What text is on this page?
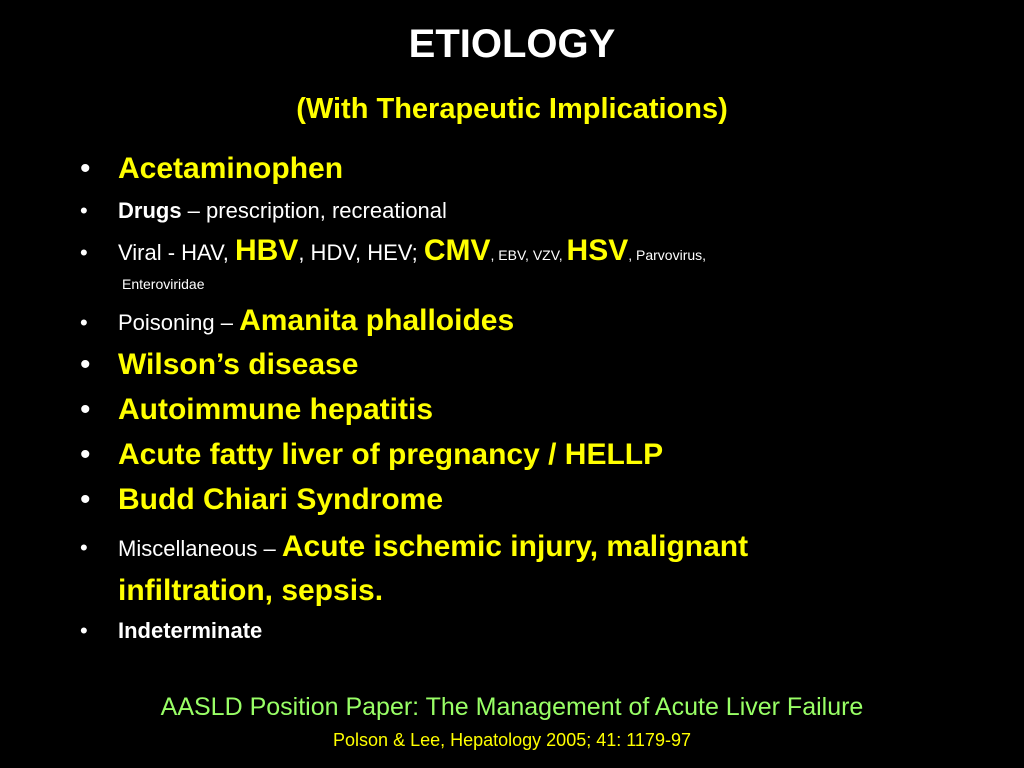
ETIOLOGY
(With Therapeutic Implications)
• Acetaminophen
• Drugs – prescription, recreational
• Viral - HAV, HBV, HDV, HEV; CMV, EBV, VZV, HSV, Parvovirus,
Enteroviridae
• Poisoning – Amanita phalloides
• Wilson’s disease
• Autoimmune hepatitis
• Acute fatty liver of pregnancy / HELLP
• Budd Chiari Syndrome
• Miscellaneous – Acute ischemic injury, malignant
infiltration, sepsis.
• Indeterminate
AASLD Position Paper: The Management of Acute Liver Failure
Polson & Lee, Hepatology 2005; 41: 1179-97
